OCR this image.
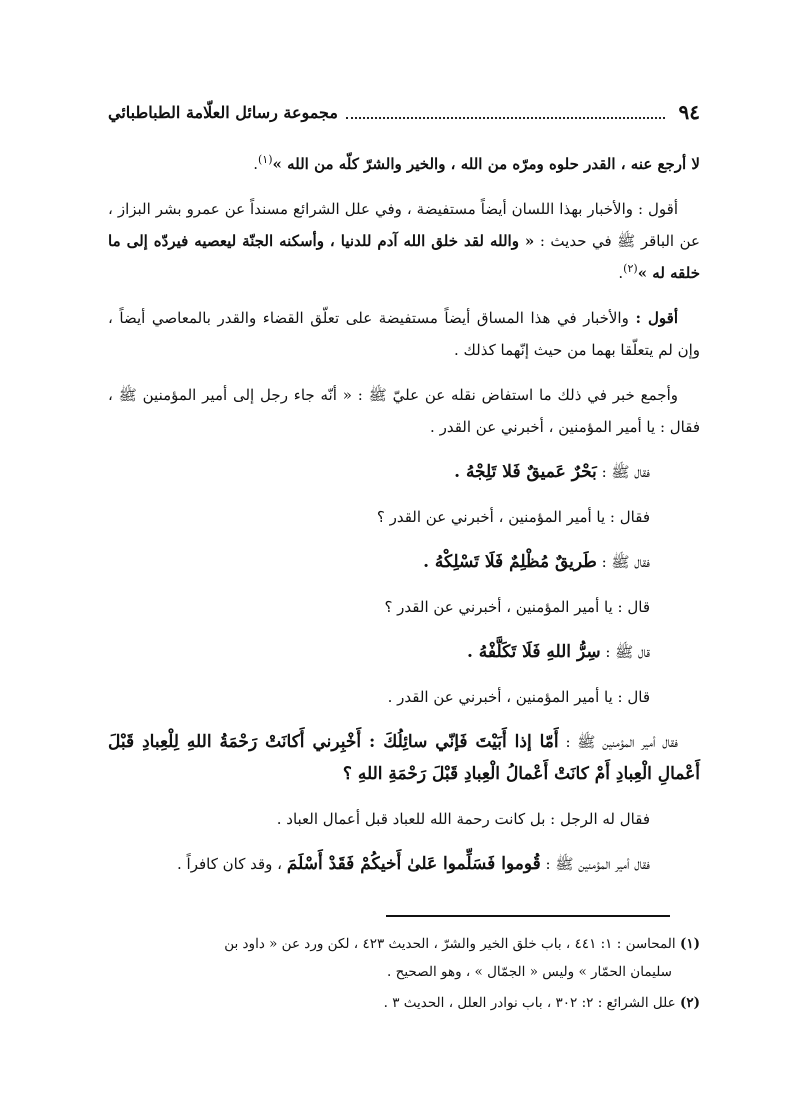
٩٤
مجموعة رسائل العلّامة الطباطبائي

لا أرجع عنه ، القدر حلوه ومرّه من الله ، والخير والشرّ كلّه من الله »$^{(١)}$.

أقول : والأخبار بهذا اللسان أيضاً مستفيضة ، وفي علل الشرائع مسنداً عن عمرو بشر البزاز ، عن الباقر ﷺ في حديث : « والله لقد خلق الله آدم للدنيا ، وأسكنه الجنّة ليعصيه فيردّه إلى ما خلقه له »$^{(٢)}$.

أقول : والأخبار في هذا المساق أيضاً مستفيضة على تعلّق القضاء والقدر بالمعاصي أيضاً ، وإن لم يتعلّقا بهما من حيث إنّهما كذلك .

وأجمع خبر في ذلك ما استفاض نقله عن عليّ ﷺ : « أنّه جاء رجل إلى أمير المؤمنين ﷺ ، فقال : يا أمير المؤمنين ، أخبرني عن القدر .

فقال ﷺ : بَحْرٌ عَميقٌ فَلا تَلِجْهُ .

فقال : يا أمير المؤمنين ، أخبرني عن القدر ؟

فقال ﷺ : طَريقٌ مُظْلِمٌ فَلَا تَسْلِكْهُ .

قال : يا أمير المؤمنين ، أخبرني عن القدر ؟

قال ﷺ : سِرُّ اللهِ فَلَا تَكَلَّفْهُ .

قال : يا أمير المؤمنين ، أخبرني عن القدر .

فقال أمير المؤمنين ﷺ : أَمّا إذا أَبَيْتَ فَإنّي سائِلُكَ : أَخْبِرني أَكانَتْ رَحْمَةُ اللهِ لِلْعِبادِ قَبْلَ أَعْمالِ الْعِبادِ أَمْ كانَتْ أَعْمالُ الْعِبادِ قَبْلَ رَحْمَةِ اللهِ ؟

فقال له الرجل : بل كانت رحمة الله للعباد قبل أعمال العباد .

فقال أمير المؤمنين ﷺ : قُوموا فَسَلِّموا عَلىٰ أَخيكُمْ فَقَدْ أَسْلَمَ ، وقد كان كافراً .

(١) المحاسن : ١: ٤٤١ ، باب خلق الخير والشرّ ، الحديث ٤٢٣ ، لكن ورد عن « داود بن
سليمان الحمّار » وليس « الجمّال » ، وهو الصحيح .

(٢) علل الشرائع : ٢: ٣٠٢ ، باب نوادر العلل ، الحديث ٣ .
